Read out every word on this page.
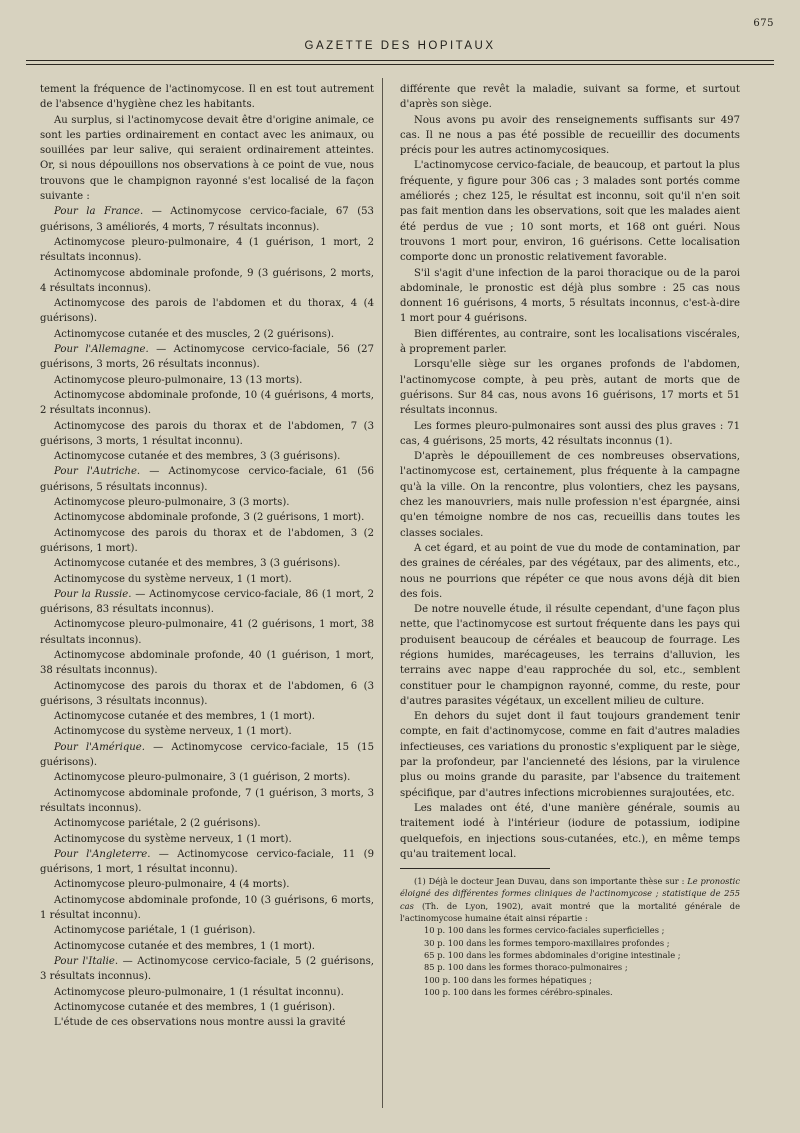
675
GAZETTE DES HOPITAUX

tement la fréquence de l'actinomycose. Il en est tout autrement de l'absence d'hygiène chez les habitants.

Au surplus, si l'actinomycose devait être d'origine animale, ce sont les parties ordinairement en contact avec les animaux, ou souillées par leur salive, qui seraient ordinairement atteintes. Or, si nous dépouillons nos observations à ce point de vue, nous trouvons que le champignon rayonné s'est localisé de la façon suivante :

Pour la France. — Actinomycose cervico-faciale, 67 (53 guérisons, 3 améliorés, 4 morts, 7 résultats inconnus).

Actinomycose pleuro-pulmonaire, 4 (1 guérison, 1 mort, 2 résultats inconnus).

Actinomycose abdominale profonde, 9 (3 guérisons, 2 morts, 4 résultats inconnus).

Actinomycose des parois de l'abdomen et du thorax, 4 (4 guérisons).

Actinomycose cutanée et des muscles, 2 (2 guérisons).

Pour l'Allemagne. — Actinomycose cervico-faciale, 56 (27 guérisons, 3 morts, 26 résultats inconnus).

Actinomycose pleuro-pulmonaire, 13 (13 morts).

Actinomycose abdominale profonde, 10 (4 guérisons, 4 morts, 2 résultats inconnus).

Actinomycose des parois du thorax et de l'abdomen, 7 (3 guérisons, 3 morts, 1 résultat inconnu).

Actinomycose cutanée et des membres, 3 (3 guérisons).

Pour l'Autriche. — Actinomycose cervico-faciale, 61 (56 guérisons, 5 résultats inconnus).

Actinomycose pleuro-pulmonaire, 3 (3 morts).

Actinomycose abdominale profonde, 3 (2 guérisons, 1 mort).

Actinomycose des parois du thorax et de l'abdomen, 3 (2 guérisons, 1 mort).

Actinomycose cutanée et des membres, 3 (3 guérisons).

Actinomycose du système nerveux, 1 (1 mort).

Pour la Russie. — Actinomycose cervico-faciale, 86 (1 mort, 2 guérisons, 83 résultats inconnus).

Actinomycose pleuro-pulmonaire, 41 (2 guérisons, 1 mort, 38 résultats inconnus).

Actinomycose abdominale profonde, 40 (1 guérison, 1 mort, 38 résultats inconnus).

Actinomycose des parois du thorax et de l'abdomen, 6 (3 guérisons, 3 résultats inconnus).

Actinomycose cutanée et des membres, 1 (1 mort).

Actinomycose du système nerveux, 1 (1 mort).

Pour l'Amérique. — Actinomycose cervico-faciale, 15 (15 guérisons).

Actinomycose pleuro-pulmonaire, 3 (1 guérison, 2 morts).

Actinomycose abdominale profonde, 7 (1 guérison, 3 morts, 3 résultats inconnus).

Actinomycose pariétale, 2 (2 guérisons).

Actinomycose du système nerveux, 1 (1 mort).

Pour l'Angleterre. — Actinomycose cervico-faciale, 11 (9 guérisons, 1 mort, 1 résultat inconnu).

Actinomycose pleuro-pulmonaire, 4 (4 morts).

Actinomycose abdominale profonde, 10 (3 guérisons, 6 morts, 1 résultat inconnu).

Actinomycose pariétale, 1 (1 guérison).

Actinomycose cutanée et des membres, 1 (1 mort).

Pour l'Italie. — Actinomycose cervico-faciale, 5 (2 guérisons, 3 résultats inconnus).

Actinomycose pleuro-pulmonaire, 1 (1 résultat inconnu).

Actinomycose cutanée et des membres, 1 (1 guérison).

L'étude de ces observations nous montre aussi la gravité

différente que revêt la maladie, suivant sa forme, et surtout d'après son siège.

Nous avons pu avoir des renseignements suffisants sur 497 cas. Il ne nous a pas été possible de recueillir des documents précis pour les autres actinomycosiques.

L'actinomycose cervico-faciale, de beaucoup, et partout la plus fréquente, y figure pour 306 cas ; 3 malades sont portés comme améliorés ; chez 125, le résultat est inconnu, soit qu'il n'en soit pas fait mention dans les observations, soit que les malades aient été perdus de vue ; 10 sont morts, et 168 ont guéri. Nous trouvons 1 mort pour, environ, 16 guérisons. Cette localisation comporte donc un pronostic relativement favorable.

S'il s'agit d'une infection de la paroi thoracique ou de la paroi abdominale, le pronostic est déjà plus sombre : 25 cas nous donnent 16 guérisons, 4 morts, 5 résultats inconnus, c'est-à-dire 1 mort pour 4 guérisons.

Bien différentes, au contraire, sont les localisations viscérales, à proprement parler.

Lorsqu'elle siège sur les organes profonds de l'abdomen, l'actinomycose compte, à peu près, autant de morts que de guérisons. Sur 84 cas, nous avons 16 guérisons, 17 morts et 51 résultats inconnus.

Les formes pleuro-pulmonaires sont aussi des plus graves : 71 cas, 4 guérisons, 25 morts, 42 résultats inconnus (1).

D'après le dépouillement de ces nombreuses observations, l'actinomycose est, certainement, plus fréquente à la campagne qu'à la ville. On la rencontre, plus volontiers, chez les paysans, chez les manouvriers, mais nulle profession n'est épargnée, ainsi qu'en témoigne nombre de nos cas, recueillis dans toutes les classes sociales.

A cet égard, et au point de vue du mode de contamination, par des graines de céréales, par des végétaux, par des aliments, etc., nous ne pourrions que répéter ce que nous avons déjà dit bien des fois.

De notre nouvelle étude, il résulte cependant, d'une façon plus nette, que l'actinomycose est surtout fréquente dans les pays qui produisent beaucoup de céréales et beaucoup de fourrage. Les régions humides, marécageuses, les terrains d'alluvion, les terrains avec nappe d'eau rapprochée du sol, etc., semblent constituer pour le champignon rayonné, comme, du reste, pour d'autres parasites végétaux, un excellent milieu de culture.

En dehors du sujet dont il faut toujours grandement tenir compte, en fait d'actinomycose, comme en fait d'autres maladies infectieuses, ces variations du pronostic s'expliquent par le siège, par la profondeur, par l'ancienneté des lésions, par la virulence plus ou moins grande du parasite, par l'absence du traitement spécifique, par d'autres infections microbiennes surajoutées, etc.

Les malades ont été, d'une manière générale, soumis au traitement iodé à l'intérieur (iodure de potassium, iodipine quelquefois, en injections sous-cutanées, etc.), en même temps qu'au traitement local.

(1) Déjà le docteur Jean Duvau, dans son importante thèse sur : Le pronostic éloigné des différentes formes cliniques de l'actinomycose ; statistique de 255 cas (Th. de Lyon, 1902), avait montré que la mortalité générale de l'actinomycose humaine était ainsi répartie :

10 p. 100 dans les formes cervico-faciales superficielles ;

30 p. 100 dans les formes temporo-maxillaires profondes ;

65 p. 100 dans les formes abdominales d'origine intestinale ;

85 p. 100 dans les formes thoraco-pulmonaires ;

100 p. 100 dans les formes hépatiques ;

100 p. 100 dans les formes cérébro-spinales.
